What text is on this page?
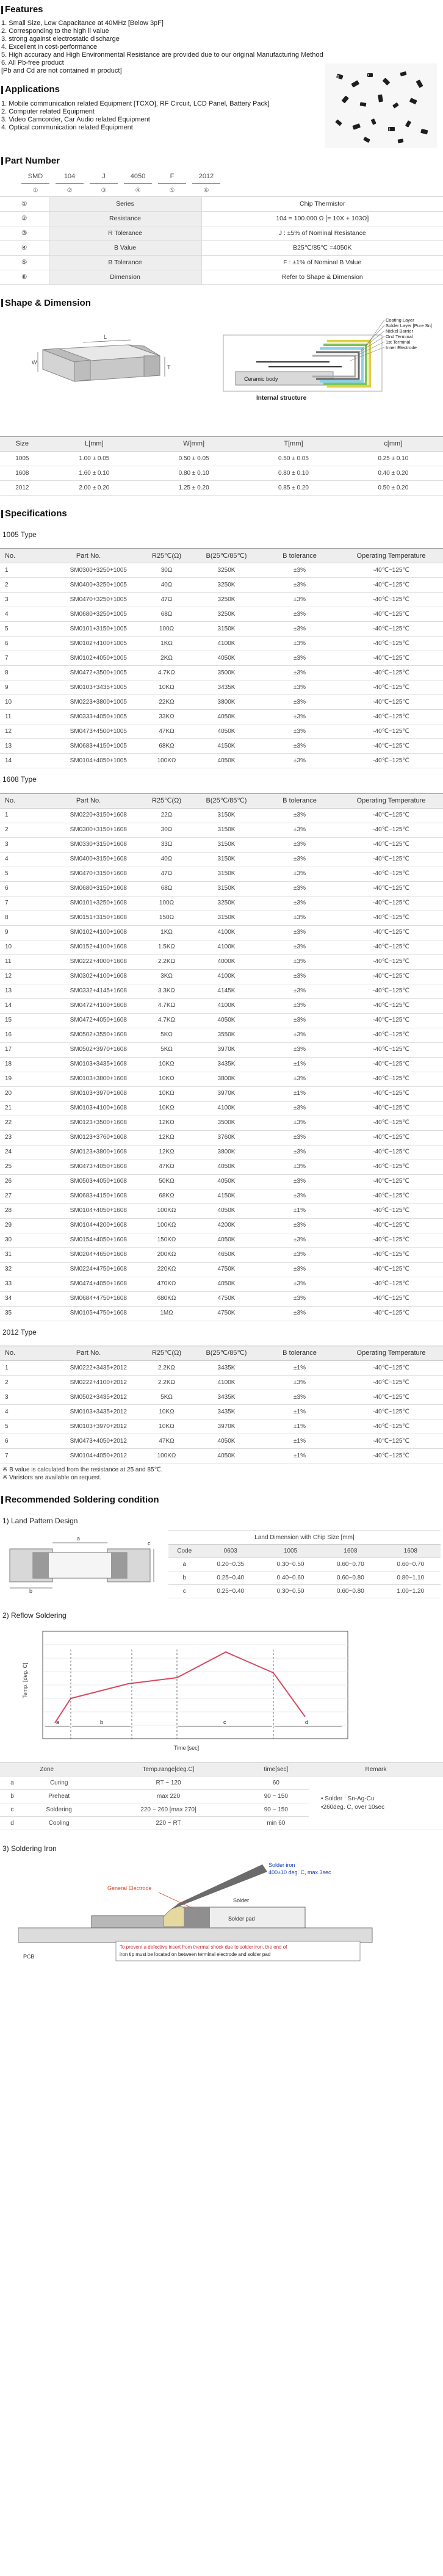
Features
1. Small Size, Low Capacitance at 40MHz [Below 3pF]
2. Corresponding to the high Ⅱ value
3. strong against electrostatic discharge
4. Excellent in cost-performance
5. High accuracy and High Environmental Resistance are provided due to our original Manufacturing Method
6. All Pb-free product
[Pb and Cd are not contained in product]
Applications
1. Mobile communication related Equipment [TCXO], RF Circuit, LCD Panel, Battery Pack]
2. Computer related Equipment
3. Video Camcorder, Car Audio related Equipment
4. Optical communication related Equipment
Part Number
SMD	104	J	4050	F	2012
①	②	③	④	⑤	⑥
①	Series	Chip Thermistor
②	Resistance	104 = 100.000 Ω [= 10X + 103Ω]
③	R Tolerance	J : ±5% of Nominal Resistance
④	B Value	B25℃/85℃ =4050K
⑤	B Tolerance	F : ±1% of Nominal B Value
⑥	Dimension	Refer to Shape & Dimension
Shape & Dimension
L
T
W
Ceramic body
Internal structure
Coating Layer
Solder Layer [Pure Sn]
Nickel Barrier
Ond Terminal
1st Terminal
Inner Electrode
Size	L[mm]	W[mm]	T[mm]	c[mm]
1005	1.00 ± 0.05	0.50 ± 0.05	0.50 ± 0.05	0.25 ± 0.10
1608	1.60 ± 0.10	0.80 ± 0.10	0.80 ± 0.10	0.40 ± 0.20
2012	2.00 ± 0.20	1.25 ± 0.20	0.85 ± 0.20	0.50 ± 0.20
Specifications
1005 Type
No.	Part No.	R25℃(Ω)	B(25℃/85℃)	B tolerance	Operating Temperature
1	SM0300+3250+1005	30Ω	3250K	±3%	-40℃~125℃
2	SM0400+3250+1005	40Ω	3250K	±3%	-40℃~125℃
3	SM0470+3250+1005	47Ω	3250K	±3%	-40℃~125℃
4	SM0680+3250+1005	68Ω	3250K	±3%	-40℃~125℃
5	SM0101+3150+1005	100Ω	3150K	±3%	-40℃~125℃
6	SM0102+4100+1005	1KΩ	4100K	±3%	-40℃~125℃
7	SM0102+4050+1005	2KΩ	4050K	±3%	-40℃~125℃
8	SM0472+3500+1005	4.7KΩ	3500K	±3%	-40℃~125℃
9	SM0103+3435+1005	10KΩ	3435K	±3%	-40℃~125℃
10	SM0223+3800+1005	22KΩ	3800K	±3%	-40℃~125℃
11	SM0333+4050+1005	33KΩ	4050K	±3%	-40℃~125℃
12	SM0473+4500+1005	47KΩ	4050K	±3%	-40℃~125℃
13	SM0683+4150+1005	68KΩ	4150K	±3%	-40℃~125℃
14	SM0104+4050+1005	100KΩ	4050K	±3%	-40℃~125℃
1608 Type
No.	Part No.	R25℃(Ω)	B(25℃/85℃)	B tolerance	Operating Temperature
1	SM0220+3150+1608	22Ω	3150K	±3%	-40℃~125℃
2	SM0300+3150+1608	30Ω	3150K	±3%	-40℃~125℃
3	SM0330+3150+1608	33Ω	3150K	±3%	-40℃~125℃
4	SM0400+3150+1608	40Ω	3150K	±3%	-40℃~125℃
5	SM0470+3150+1608	47Ω	3150K	±3%	-40℃~125℃
6	SM0680+3150+1608	68Ω	3150K	±3%	-40℃~125℃
7	SM0101+3250+1608	100Ω	3250K	±3%	-40℃~125℃
8	SM0151+3150+1608	150Ω	3150K	±3%	-40℃~125℃
9	SM0102+4100+1608	1KΩ	4100K	±3%	-40℃~125℃
10	SM0152+4100+1608	1.5KΩ	4100K	±3%	-40℃~125℃
11	SM0222+4000+1608	2.2KΩ	4000K	±3%	-40℃~125℃
12	SM0302+4100+1608	3KΩ	4100K	±3%	-40℃~125℃
13	SM0332+4145+1608	3.3KΩ	4145K	±3%	-40℃~125℃
14	SM0472+4100+1608	4.7KΩ	4100K	±3%	-40℃~125℃
15	SM0472+4050+1608	4.7KΩ	4050K	±3%	-40℃~125℃
16	SM0502+3550+1608	5KΩ	3550K	±3%	-40℃~125℃
17	SM0502+3970+1608	5KΩ	3970K	±3%	-40℃~125℃
18	SM0103+3435+1608	10KΩ	3435K	±1%	-40℃~125℃
19	SM0103+3800+1608	10KΩ	3800K	±3%	-40℃~125℃
20	SM0103+3970+1608	10KΩ	3970K	±1%	-40℃~125℃
21	SM0103+4100+1608	10KΩ	4100K	±3%	-40℃~125℃
22	SM0123+3500+1608	12KΩ	3500K	±3%	-40℃~125℃
23	SM0123+3760+1608	12KΩ	3760K	±3%	-40℃~125℃
24	SM0123+3800+1608	12KΩ	3800K	±3%	-40℃~125℃
25	SM0473+4050+1608	47KΩ	4050K	±3%	-40℃~125℃
26	SM0503+4050+1608	50KΩ	4050K	±3%	-40℃~125℃
27	SM0683+4150+1608	68KΩ	4150K	±3%	-40℃~125℃
28	SM0104+4050+1608	100KΩ	4050K	±1%	-40℃~125℃
29	SM0104+4200+1608	100KΩ	4200K	±3%	-40℃~125℃
30	SM0154+4050+1608	150KΩ	4050K	±3%	-40℃~125℃
31	SM0204+4650+1608	200KΩ	4650K	±3%	-40℃~125℃
32	SM0224+4750+1608	220KΩ	4750K	±3%	-40℃~125℃
33	SM0474+4050+1608	470KΩ	4050K	±3%	-40℃~125℃
34	SM0684+4750+1608	680KΩ	4750K	±3%	-40℃~125℃
35	SM0105+4750+1608	1MΩ	4750K	±3%	-40℃~125℃
2012 Type
No.	Part No.	R25℃(Ω)	B(25℃/85℃)	B tolerance	Operating Temperature
1	SM0222+3435+2012	2.2KΩ	3435K	±1%	-40℃~125℃
2	SM0222+4100+2012	2.2KΩ	4100K	±3%	-40℃~125℃
3	SM0502+3435+2012	5KΩ	3435K	±3%	-40℃~125℃
4	SM0103+3435+2012	10KΩ	3435K	±1%	-40℃~125℃
5	SM0103+3970+2012	10KΩ	3970K	±1%	-40℃~125℃
6	SM0473+4050+2012	47KΩ	4050K	±1%	-40℃~125℃
7	SM0104+4050+2012	100KΩ	4050K	±1%	-40℃~125℃
※ B value is calculated from the resistance at 25 and 85℃.
※ Varistors are available on request.
Recommended Soldering condition
1) Land Pattern Design
a
b
c
Land Dimension with Chip Size [mm]				
Code	0603	1005	1608	1608
a	0.20~0.35	0.30~0.50	0.60~0.70	0.60~0.70
b	0.25~0.40	0.40~0.60	0.60~0.80	0.80~1.10
c	0.25~0.40	0.30~0.50	0.60~0.80	1.00~1.20
2) Reflow Soldering
Temp. [deg. C]
Time [sec]
a	b	c	d
Zone		Temp.range[deg.C]	time[sec]	Remark
a	Curing	RT ~ 120	60	• Solder : Sn-Ag-Cu
•260deg. C, over 10sec

b	Preheat	max 220	90 ~ 150	
c	Soldering	220 ~ 260 [max 270]	90 ~ 150	
d	Cooling	220 ~ RT	min 60	
3) Soldering Iron
Solder iron
400±10 deg. C, max.3sec
General Electrode
Solder
Solder pad
PCB
To prevent a defective insert from thermal shock due to solder iron, the end of
iron tip must be located on between terminal electrode and solder pad
